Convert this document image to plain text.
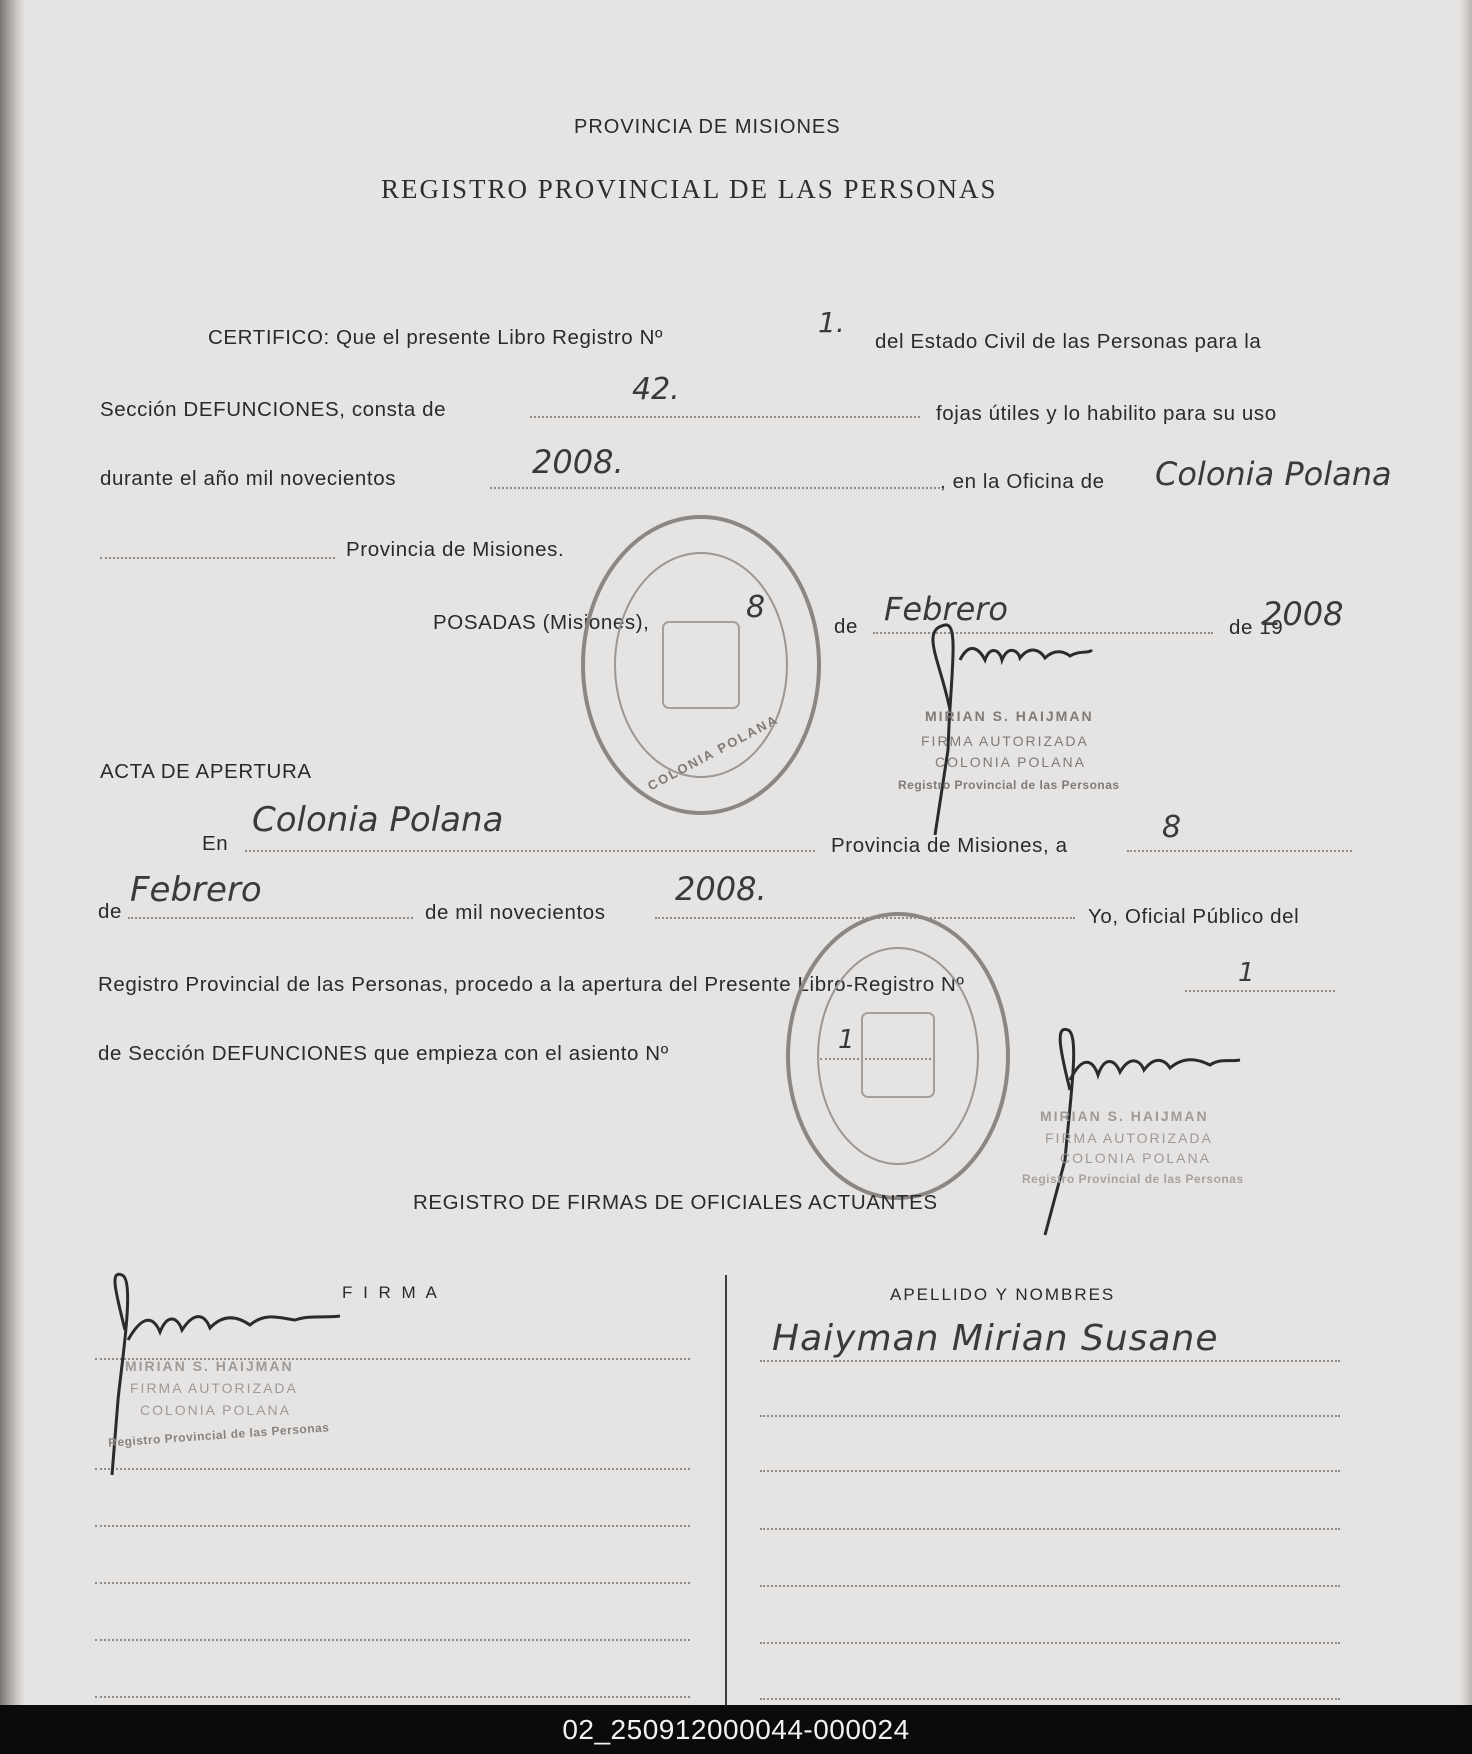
PROVINCIA DE MISIONES
REGISTRO PROVINCIAL DE LAS PERSONAS
CERTIFICO: Que el presente Libro Registro Nº	1.
del Estado Civil de las Personas para la
Sección DEFUNCIONES, consta de
42.
fojas útiles y lo habilito para su uso
durante el año mil novecientos	2008.
, en la Oficina de Colonia Polana
Provincia de Misiones.
POSADAS (Misiones),	8
de Febrero	de 19
2008
COLONIA POLANA	MIRIAN S. HAIJMAN
FIRMA AUTORIZADA
COLONIA POLANA
Registro Provincial de las Personas
ACTA DE APERTURA
En
Colonia Polana
Provincia de Misiones, a
8
de
Febrero
de mil novecientos
2008.
Yo, Oficial Público del
Registro Provincial de las Personas, procedo a la apertura del Presente Libro-Registro Nº	1
de Sección DEFUNCIONES que empieza con el asiento Nº	1
MIRIAN S. HAIJMAN
FIRMA AUTORIZADA
COLONIA POLANA
Registro Provincial de las Personas
REGISTRO DE FIRMAS DE OFICIALES ACTUANTES
F I R M A	APELLIDO Y NOMBRES
MIRIAN S. HAIJMAN
FIRMA AUTORIZADA
COLONIA POLANA
Registro Provincial de las Personas
Haiyman Mirian Susane
02_250912000044-000024
